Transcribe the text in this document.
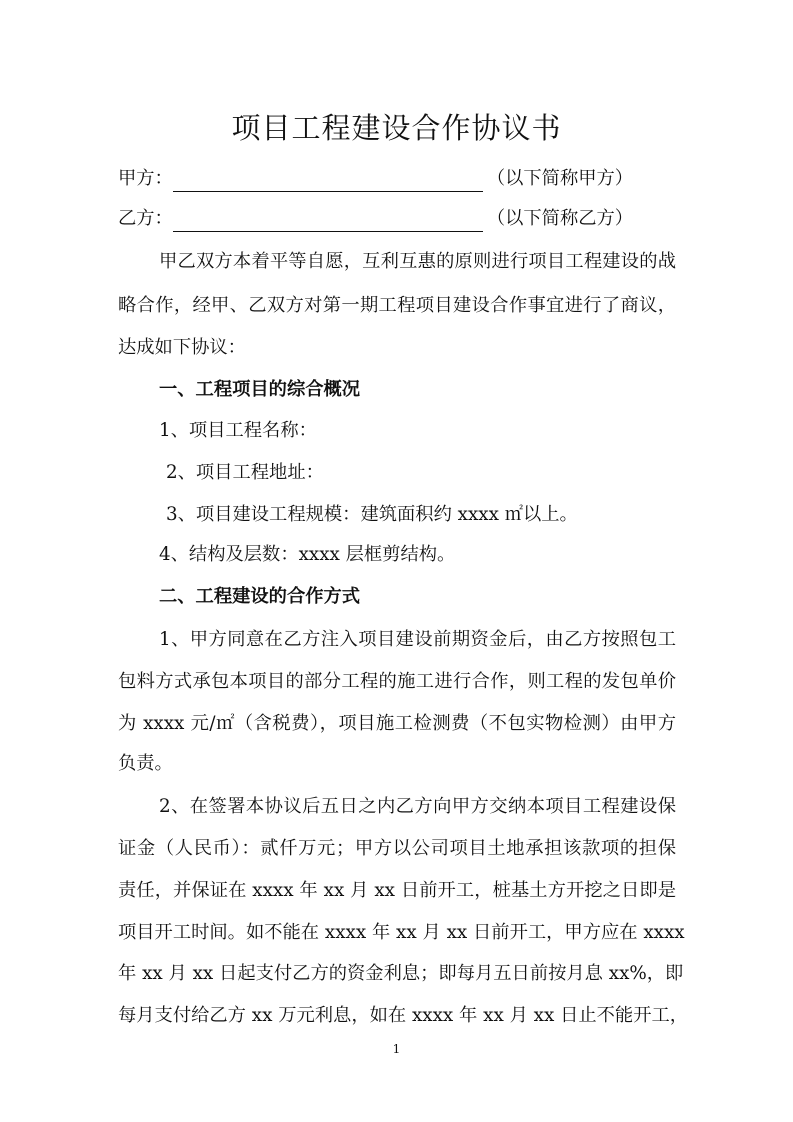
项目工程建设合作协议书
甲方：	（以下简称甲方）
乙方：	（以下简称乙方）
甲乙双方本着平等自愿，互利互惠的原则进行项目工程建设的战
略合作，经甲、乙双方对第一期工程项目建设合作事宜进行了商议，
达成如下协议：
一、工程项目的综合概况
1、项目工程名称：
2、项目工程地址：
3、项目建设工程规模：建筑面积约 xxxx ㎡以上。
4、结构及层数：xxxx 层框剪结构。
二、工程建设的合作方式
1、甲方同意在乙方注入项目建设前期资金后，由乙方按照包工
包料方式承包本项目的部分工程的施工进行合作，则工程的发包单价
为 xxxx 元/㎡（含税费），项目施工检测费（不包实物检测）由甲方
负责。
2、在签署本协议后五日之内乙方向甲方交纳本项目工程建设保
证金（人民币）：贰仟万元；甲方以公司项目土地承担该款项的担保
责任，并保证在 xxxx 年 xx 月 xx 日前开工，桩基土方开挖之日即是
项目开工时间。如不能在 xxxx 年 xx 月 xx 日前开工，甲方应在 xxxx
年 xx 月 xx 日起支付乙方的资金利息；即每月五日前按月息 xx%，即
每月支付给乙方 xx 万元利息，如在 xxxx 年 xx 月 xx 日止不能开工，
1
